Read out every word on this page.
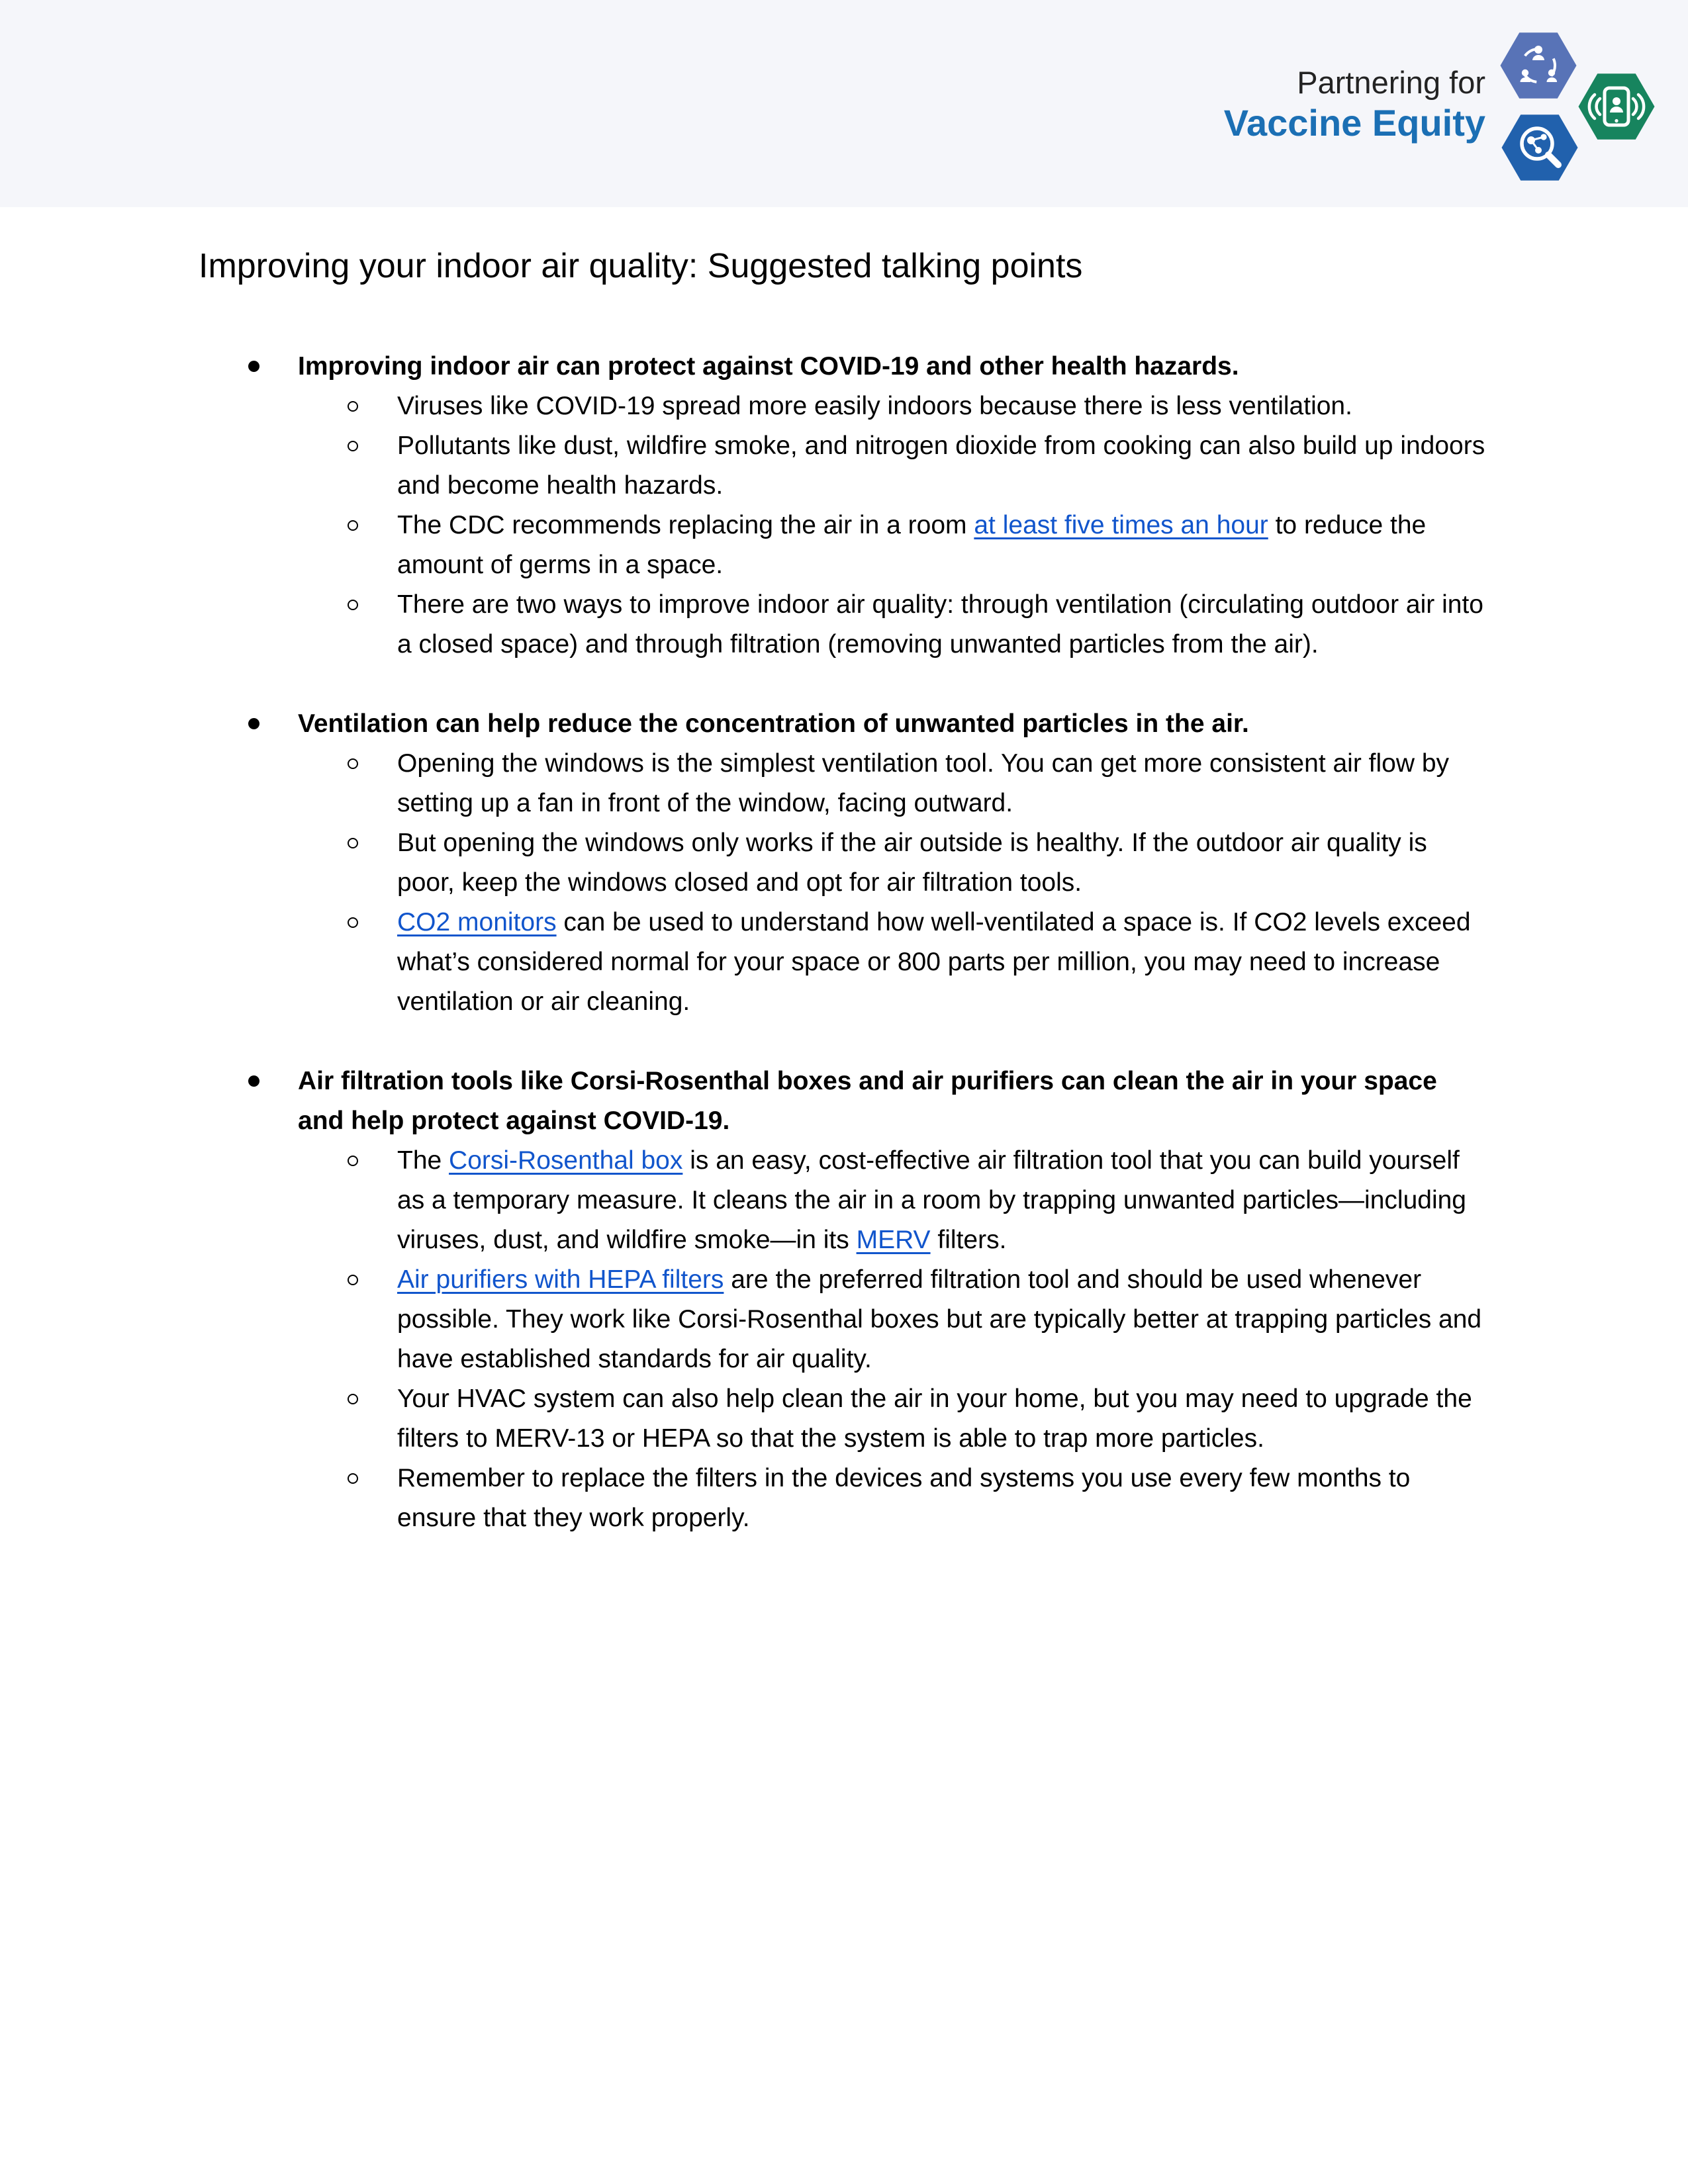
Partnering for
Vaccine Equity
Improving your indoor air quality: Suggested talking points
Improving indoor air can protect against COVID-19 and other health hazards.
Viruses like COVID-19 spread more easily indoors because there is less ventilation.
Pollutants like dust, wildfire smoke, and nitrogen dioxide from cooking can also build up indoors and become health hazards.
The CDC recommends replacing the air in a room at least five times an hour to reduce the amount of germs in a space.
There are two ways to improve indoor air quality: through ventilation (circulating outdoor air into a closed space) and through filtration (removing unwanted particles from the air).
Ventilation can help reduce the concentration of unwanted particles in the air.
Opening the windows is the simplest ventilation tool. You can get more consistent air flow by setting up a fan in front of the window, facing outward.
But opening the windows only works if the air outside is healthy. If the outdoor air quality is poor, keep the windows closed and opt for air filtration tools.
CO2 monitors can be used to understand how well-ventilated a space is. If CO2 levels exceed what’s considered normal for your space or 800 parts per million, you may need to increase ventilation or air cleaning.
Air filtration tools like Corsi-Rosenthal boxes and air purifiers can clean the air in your space and help protect against COVID-19.
The Corsi-Rosenthal box is an easy, cost-effective air filtration tool that you can build yourself as a temporary measure. It cleans the air in a room by trapping unwanted particles—including viruses, dust, and wildfire smoke—in its MERV filters.
Air purifiers with HEPA filters are the preferred filtration tool and should be used whenever possible. They work like Corsi-Rosenthal boxes but are typically better at trapping particles and have established standards for air quality.
Your HVAC system can also help clean the air in your home, but you may need to upgrade the filters to MERV-13 or HEPA so that the system is able to trap more particles.
Remember to replace the filters in the devices and systems you use every few months to ensure that they work properly.
